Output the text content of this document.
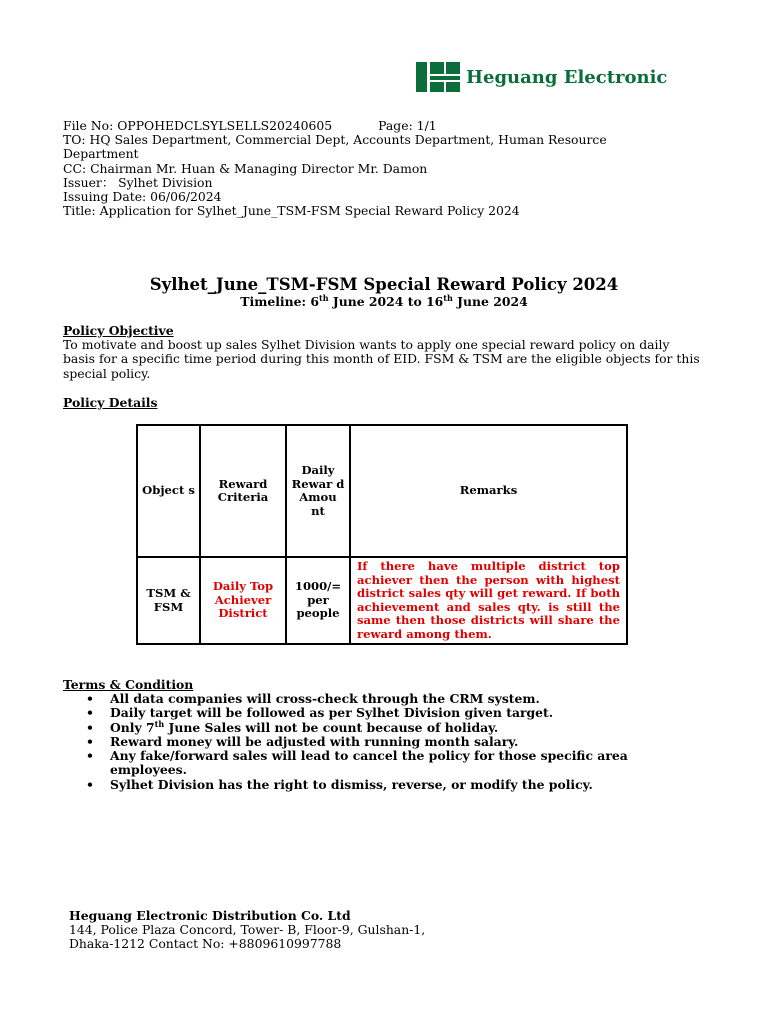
Heguang Electronic
File No: OPPOHEDCLSYLSELLS20240605	Page: 1/1
TO: HQ Sales Department, Commercial Dept, Accounts Department, Human Resource
Department
CC: Chairman Mr. Huan & Managing Director Mr. Damon
Issuer： Sylhet Division
Issuing Date: 06/06/2024
Title: Application for Sylhet_June_TSM-FSM Special Reward Policy 2024
Sylhet_June_TSM-FSM Special Reward Policy 2024
Timeline: 6th June 2024 to 16th June 2024
Policy Objective
To motivate and boost up sales Sylhet Division wants to apply one special reward policy on daily basis for a specific time period during this month of EID. FSM & TSM are the eligible objects for this special policy.
Policy Details
Object s	Reward Criteria	Daily Rewar d Amou nt	Remarks
TSM & FSM	Daily Top Achiever District	1000/= per people	If there have multiple district top achiever then the person with highest district sales qty will get reward. If both achievement and sales qty. is still the same then those districts will share the reward among them.
Terms & Condition
• All data companies will cross-check through the CRM system.
• Daily target will be followed as per Sylhet Division given target.
• Only 7th June Sales will not be count because of holiday.
• Reward money will be adjusted with running month salary.
• Any fake/forward sales will lead to cancel the policy for those specific area employees.
• Sylhet Division has the right to dismiss, reverse, or modify the policy.
Heguang Electronic Distribution Co. Ltd
144, Police Plaza Concord, Tower- B, Floor-9, Gulshan-1,
Dhaka-1212 Contact No: +8809610997788
